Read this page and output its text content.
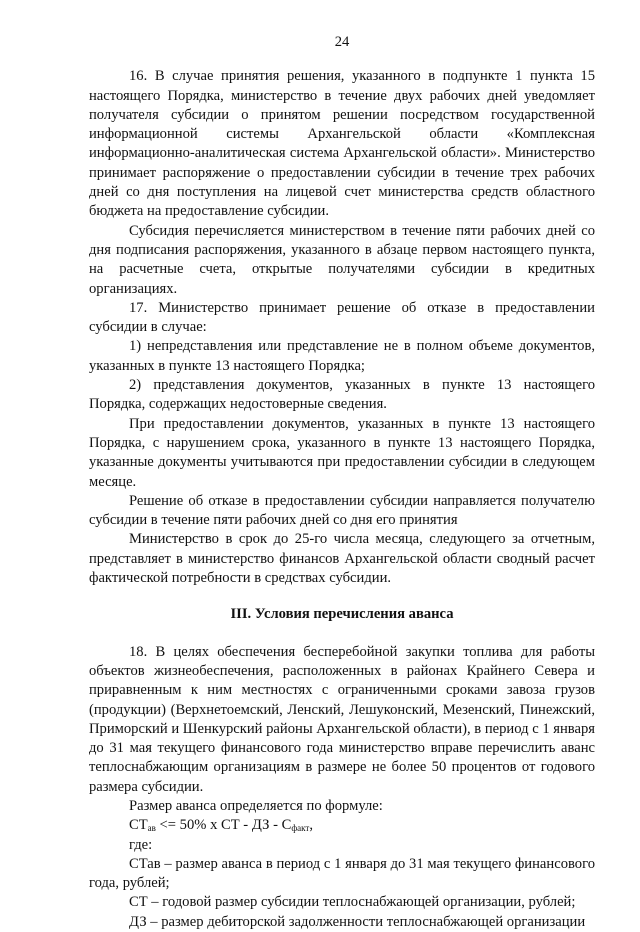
24

16. В случае принятия решения, указанного в подпункте 1 пункта 15 настоящего Порядка, министерство в течение двух рабочих дней уведомляет получателя субсидии о принятом решении посредством государственной информационной системы Архангельской области «Комплексная информационно-аналитическая система Архангельской области». Министерство принимает распоряжение о предоставлении субсидии в течение трех рабочих дней со дня поступления на лицевой счет министерства средств областного бюджета на предоставление субсидии.

Субсидия перечисляется министерством в течение пяти рабочих дней со дня подписания распоряжения, указанного в абзаце первом настоящего пункта, на расчетные счета, открытые получателями субсидии в кредитных организациях.

17. Министерство принимает решение об отказе в предоставлении субсидии в случае:

1) непредставления или представление не в полном объеме документов, указанных в пункте 13 настоящего Порядка;

2) представления документов, указанных в пункте 13 настоящего Порядка, содержащих недостоверные сведения.

При предоставлении документов, указанных в пункте 13 настоящего Порядка, с нарушением срока, указанного в пункте 13 настоящего Порядка, указанные документы учитываются при предоставлении субсидии в следующем месяце.

Решение об отказе в предоставлении субсидии направляется получателю субсидии в течение пяти рабочих дней со дня его принятия

Министерство в срок до 25-го числа месяца, следующего за отчетным, представляет в министерство финансов Архангельской области сводный расчет фактической потребности в средствах субсидии.

III. Условия перечисления аванса

18. В целях обеспечения бесперебойной закупки топлива для работы объектов жизнеобеспечения, расположенных в районах Крайнего Севера и приравненным к ним местностях с ограниченными сроками завоза грузов (продукции) (Верхнетоемский, Ленский, Лешуконский, Мезенский, Пинежский, Приморский и Шенкурский районы Архангельской области), в период с 1 января до 31 мая текущего финансового года министерство вправе перечислить аванс теплоснабжающим организациям в размере не более 50 процентов от годового размера субсидии.

Размер аванса определяется по формуле:

$СТ_{ав} <= 50\%$ х СТ - ДЗ - $С_{факт}$,

где:

СТав – размер аванса в период с 1 января до 31 мая текущего финансового года, рублей;

СТ – годовой размер субсидии теплоснабжающей организации, рублей;

ДЗ – размер дебиторской задолженности теплоснабжающей организации
